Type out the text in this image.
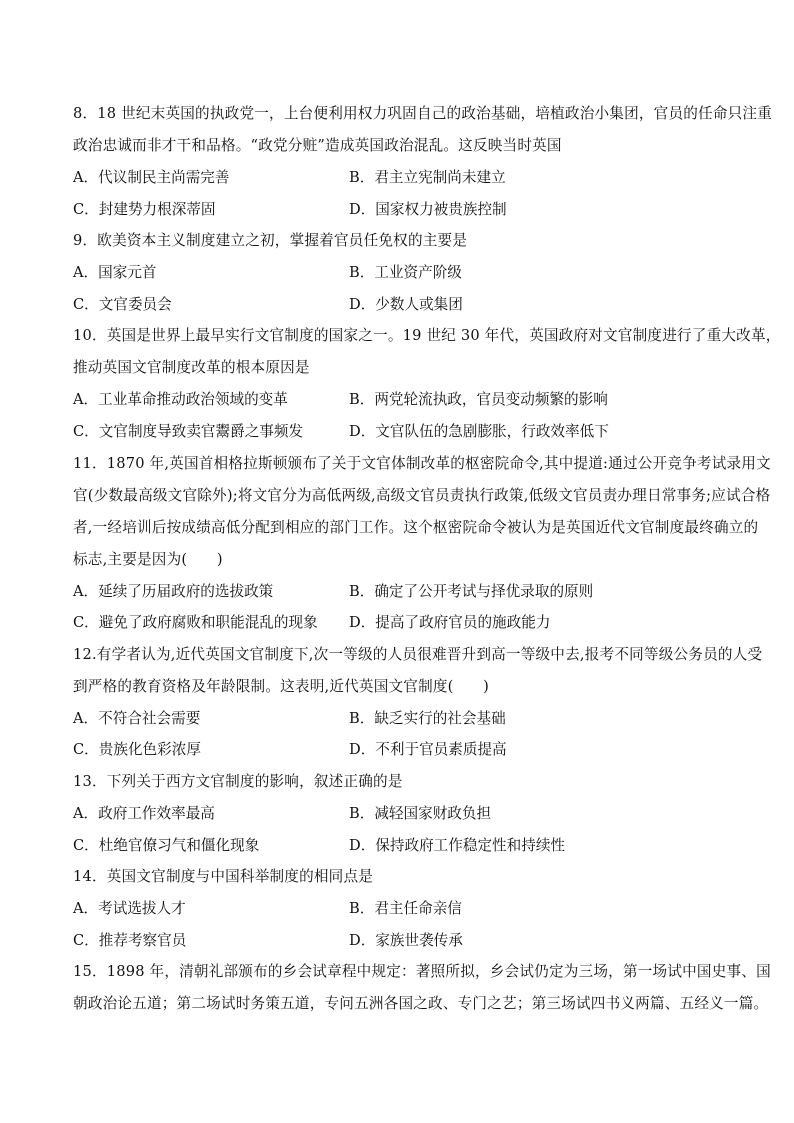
8．18 世纪末英国的执政党一，上台便利用权力巩固自己的政治基础，培植政治小集团，官员的任命只注重
政治忠诚而非才干和品格。“政党分赃”造成英国政治混乱。这反映当时英国
A．代议制民主尚需完善	B．君主立宪制尚未建立
C．封建势力根深蒂固	D．国家权力被贵族控制
9．欧美资本主义制度建立之初，掌握着官员任免权的主要是
A．国家元首	B．工业资产阶级
C．文官委员会	D．少数人或集团
10．英国是世界上最早实行文官制度的国家之一。19 世纪 30 年代，英国政府对文官制度进行了重大改革，
推动英国文官制度改革的根本原因是
A．工业革命推动政治领域的变革	B．两党轮流执政，官员变动频繁的影响
C．文官制度导致卖官鬻爵之事频发	D．文官队伍的急剧膨胀，行政效率低下
11．1870 年,英国首相格拉斯顿颁布了关于文官体制改革的枢密院命令,其中提道:通过公开竞争考试录用文
官(少数最高级文官除外);将文官分为高低两级,高级文官员责执行政策,低级文官员责办理日常事务;应试合格
者,一经培训后按成绩高低分配到相应的部门工作。这个枢密院命令被认为是英国近代文官制度最终确立的
标志,主要是因为(　　)
A．延续了历届政府的选拔政策	B．确定了公开考试与择优录取的原则
C．避免了政府腐败和职能混乱的现象	D．提高了政府官员的施政能力
12.有学者认为,近代英国文官制度下,次一等级的人员很难晋升到高一等级中去,报考不同等级公务员的人受
到严格的教育资格及年龄限制。这表明,近代英国文官制度(　　)
A．不符合社会需要	B．缺乏实行的社会基础
C．贵族化色彩浓厚	D．不利于官员素质提高
13．下列关于西方文官制度的影响，叙述正确的是
A．政府工作效率最高	B．减轻国家财政负担
C．杜绝官僚习气和僵化现象	D．保持政府工作稳定性和持续性
14．英国文官制度与中国科举制度的相同点是
A．考试选拔人才	B．君主任命亲信
C．推荐考察官员	D．家族世袭传承
15．1898 年，清朝礼部颁布的乡会试章程中规定：著照所拟，乡会试仍定为三场，第一场试中国史事、国
朝政治论五道；第二场试时务策五道，专问五洲各国之政、专门之艺；第三场试四书义两篇、五经义一篇。
